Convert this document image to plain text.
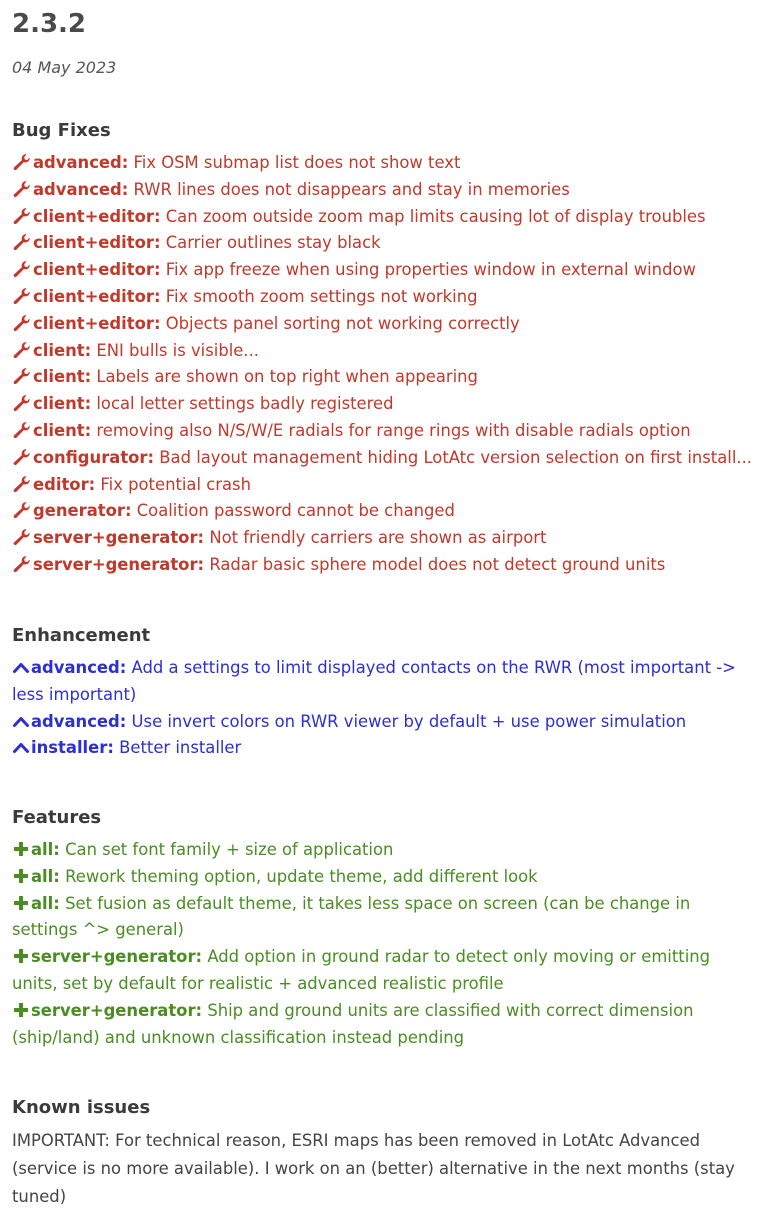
2.3.2
04 May 2023
Bug Fixes
advanced: Fix OSM submap list does not show text
advanced: RWR lines does not disappears and stay in memories
client+editor: Can zoom outside zoom map limits causing lot of display troubles
client+editor: Carrier outlines stay black
client+editor: Fix app freeze when using properties window in external window
client+editor: Fix smooth zoom settings not working
client+editor: Objects panel sorting not working correctly
client: ENI bulls is visible...
client: Labels are shown on top right when appearing
client: local letter settings badly registered
client: removing also N/S/W/E radials for range rings with disable radials option
configurator: Bad layout management hiding LotAtc version selection on first install...
editor: Fix potential crash
generator: Coalition password cannot be changed
server+generator: Not friendly carriers are shown as airport
server+generator: Radar basic sphere model does not detect ground units
Enhancement
advanced: Add a settings to limit displayed contacts on the RWR (most important -> less important)
advanced: Use invert colors on RWR viewer by default + use power simulation
installer: Better installer
Features
all: Can set font family + size of application
all: Rework theming option, update theme, add different look
all: Set fusion as default theme, it takes less space on screen (can be change in settings ^> general)
server+generator: Add option in ground radar to detect only moving or emitting units, set by default for realistic + advanced realistic profile
server+generator: Ship and ground units are classified with correct dimension (ship/land) and unknown classification instead pending
Known issues
IMPORTANT: For technical reason, ESRI maps has been removed in LotAtc Advanced (service is no more available). I work on an (better) alternative in the next months (stay tuned)
